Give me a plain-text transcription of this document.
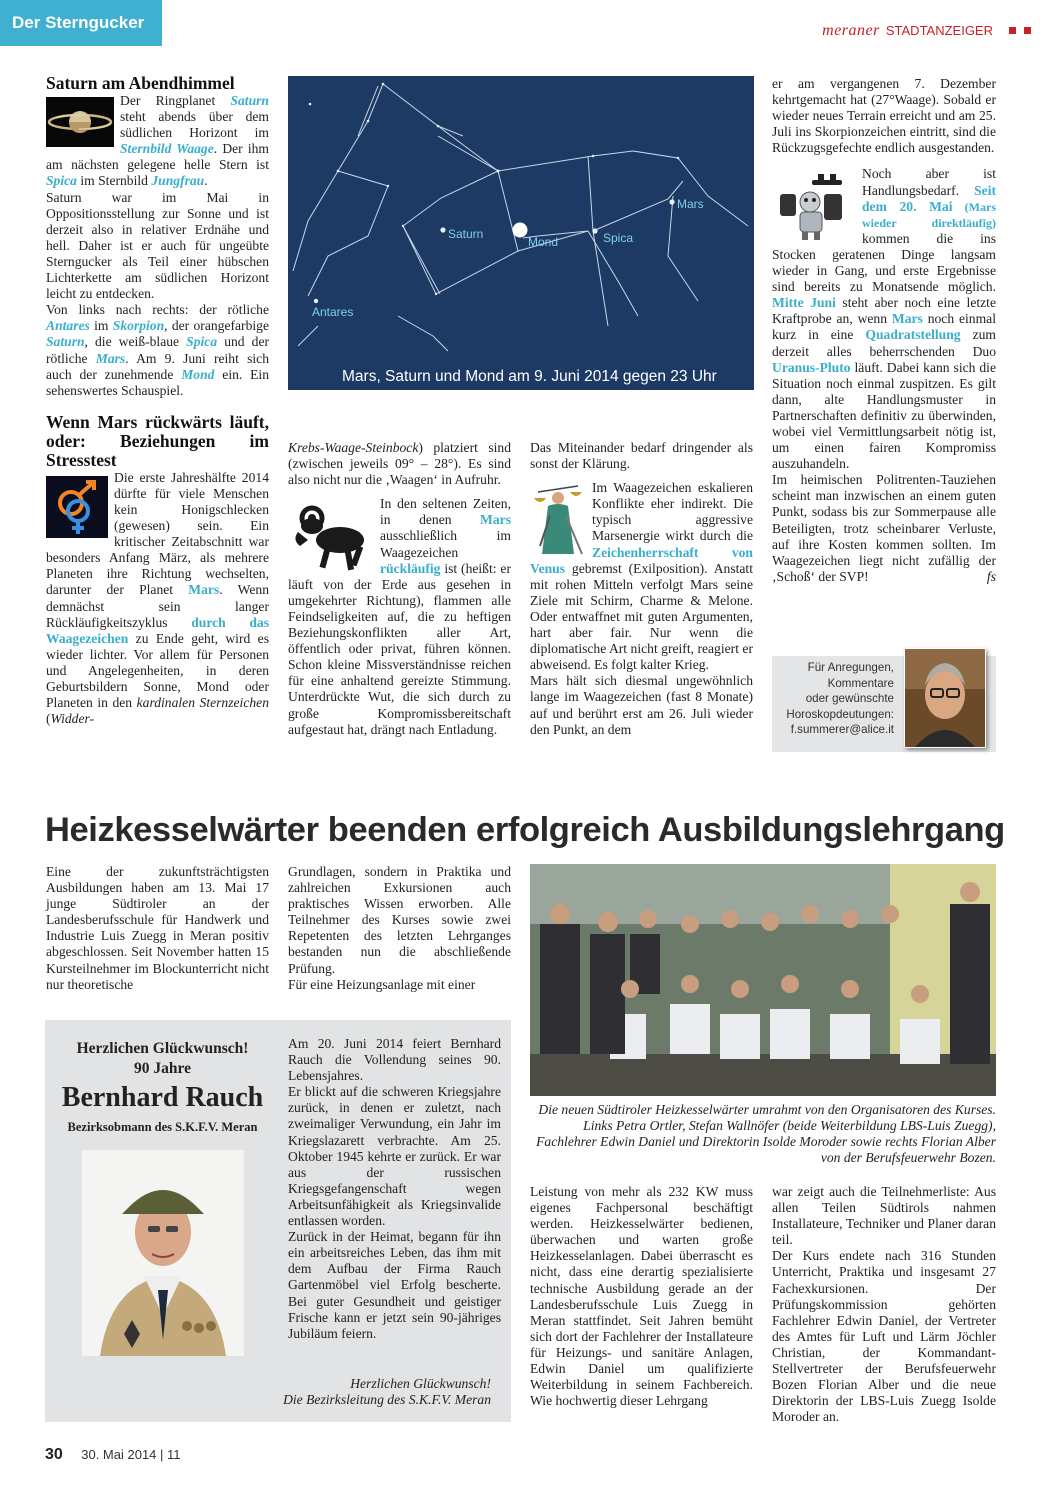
Der Sterngucker	meraner STADTANZEIGER
Saturn am Abendhimmel

Der Ringplanet Saturn steht abends über dem südlichen Horizont im Sternbild Waage. Der ihm am nächsten gelegene helle Stern ist Spica im Sternbild Jungfrau.

Saturn war im Mai in Oppositionsstellung zur Sonne und ist derzeit also in relativer Erdnähe und hell. Daher ist er auch für ungeübte Sterngucker als Teil einer hübschen Lichterkette am südlichen Horizont leicht zu entdecken.

Von links nach rechts: der rötliche Antares im Skorpion, der orangefarbige Saturn, die weiß-blaue Spica und der rötliche Mars. Am 9. Juni reiht sich auch der zunehmende Mond ein. Ein sehenswertes Schauspiel.

Wenn Mars rückwärts läuft, oder: Beziehungen im Stresstest

Die erste Jahreshälfte 2014 dürfte für viele Menschen kein Honigschlecken (gewesen) sein. Ein kritischer Zeitabschnitt war besonders Anfang März, als mehrere Planeten ihre Richtung wechselten, darunter der Planet Mars. Wenn demnächst sein langer Rückläufigkeitszyklus durch das Waagezeichen zu Ende geht, wird es wieder lichter. Vor allem für Personen und Angelegenheiten, in deren Geburtsbildern Sonne, Mond oder Planeten in den kardinalen Sternzeichen (Widder-

Saturn
Mond	Spica
Mars
Antares
Mars, Saturn und Mond am 9. Juni 2014 gegen 23 Uhr

Krebs-Waage-Steinbock) platziert sind (zwischen jeweils 09° – 28°). Es sind also nicht nur die ‚Waagen‘ in Aufruhr.

In den seltenen Zeiten, in denen Mars ausschließlich im Waagezeichen rückläufig ist (heißt: er läuft von der Erde aus gesehen in umgekehrter Richtung), flammen alle Feindseligkeiten auf, die zu heftigen Beziehungskonflikten aller Art, öffentlich oder privat, führen können. Schon kleine Missverständnisse reichen für eine anhaltend gereizte Stimmung. Unterdrückte Wut, die sich durch zu große Kompromissbereitschaft aufgestaut hat, drängt nach Entladung.

Das Miteinander bedarf dringender als sonst der Klärung.

Im Waagezeichen eskalieren Konflikte eher indirekt. Die typisch aggressive Marsenergie wirkt durch die Zeichenherrschaft von Venus gebremst (Exilposition). Anstatt mit rohen Mitteln verfolgt Mars seine Ziele mit Schirm, Charme & Melone. Oder entwaffnet mit guten Argumenten, hart aber fair. Nur wenn die diplomatische Art nicht greift, reagiert er abweisend. Es folgt kalter Krieg.

Mars hält sich diesmal ungewöhnlich lange im Waagezeichen (fast 8 Monate) auf und berührt erst am 26. Juli wieder den Punkt, an dem

er am vergangenen 7. Dezember kehrtgemacht hat (27°Waage). Sobald er wieder neues Terrain erreicht und am 25. Juli ins Skorpionzeichen eintritt, sind die Rückzugsgefechte endlich ausgestanden.

Noch aber ist Handlungsbedarf. Seit dem 20. Mai (Mars wieder direktläufig) kommen die ins Stocken geratenen Dinge langsam wieder in Gang, und erste Ergebnisse sind bereits zu Monatsende möglich. Mitte Juni steht aber noch eine letzte Kraftprobe an, wenn Mars noch einmal kurz in eine Quadratstellung zum derzeit alles beherrschenden Duo Uranus-Pluto läuft. Dabei kann sich die Situation noch einmal zuspitzen. Es gilt dann, alte Handlungsmuster in Partnerschaften definitiv zu überwinden, wobei viel Vermittlungsarbeit nötig ist, um einen fairen Kompromiss auszuhandeln.

Im heimischen Politrenten-Tauziehen scheint man inzwischen an einem guten Punkt, sodass bis zur Sommerpause alle Beteiligten, trotz scheinbarer Verluste, auf ihre Kosten kommen sollten. Im Waagezeichen liegt nicht zufällig der ‚Schoß‘ der SVP!	fs

Für Anregungen,
Kommentare
oder gewünschte
Horoskopdeutungen:
f.summerer@alice.it
Heizkesselwärter beenden erfolgreich Ausbildungslehrgang

Eine der zukunftsträchtigsten Ausbildungen haben am 13. Mai 17 junge Südtiroler an der Landesberufsschule für Handwerk und Industrie Luis Zuegg in Meran positiv abgeschlossen. Seit November hatten 15 Kursteilnehmer im Blockunterricht nicht nur theoretische

Grundlagen, sondern in Praktika und zahlreichen Exkursionen auch praktisches Wissen erworben. Alle Teilnehmer des Kurses sowie zwei Repetenten des letzten Lehrganges bestanden nun die abschließende Prüfung.

Für eine Heizungsanlage mit einer

Die neuen Südtiroler Heizkesselwärter umrahmt von den Organisatoren des Kurses. Links Petra Ortler, Stefan Wallnöfer (beide Weiterbildung LBS-Luis Zuegg), Fachlehrer Edwin Daniel und Direktorin Isolde Moroder sowie rechts Florian Alber von der Berufsfeuerwehr Bozen.

Leistung von mehr als 232 KW muss eigenes Fachpersonal beschäftigt werden. Heizkesselwärter bedienen, überwachen und warten große Heizkesselanlagen. Dabei überrascht es nicht, dass eine derartig spezialisierte technische Ausbildung gerade an der Landesberufsschule Luis Zuegg in Meran stattfindet. Seit Jahren bemüht sich dort der Fachlehrer der Installateure für Heizungs- und sanitäre Anlagen, Edwin Daniel um qualifizierte Weiterbildung in seinem Fachbereich. Wie hochwertig dieser Lehrgang

war zeigt auch die Teilnehmerliste: Aus allen Teilen Südtirols nahmen Installateure, Techniker und Planer daran teil.

Der Kurs endete nach 316 Stunden Unterricht, Praktika und insgesamt 27 Fachexkursionen. Der Prüfungskommission gehörten Fachlehrer Edwin Daniel, der Vertreter des Amtes für Luft und Lärm Jöchler Christian, der Kommandant-Stellvertreter der Berufsfeuerwehr Bozen Florian Alber und die neue Direktorin der LBS-Luis Zuegg Isolde Moroder an.

Herzlichen Glückwunsch!
90 Jahre
Bernhard Rauch
Bezirksobmann des S.K.F.V. Meran

Am 20. Juni 2014 feiert Bernhard Rauch die Vollendung seines 90. Lebensjahres.

Er blickt auf die schweren Kriegsjahre zurück, in denen er zuletzt, nach zweimaliger Verwundung, ein Jahr im Kriegslazarett verbrachte. Am 25. Oktober 1945 kehrte er zurück. Er war aus der russischen Kriegsgefangenschaft wegen Arbeitsunfähigkeit als Kriegsinvalide entlassen worden.

Zurück in der Heimat, begann für ihn ein arbeitsreiches Leben, das ihm mit dem Aufbau der Firma Rauch Gartenmöbel viel Erfolg bescherte. Bei guter Gesundheit und geistiger Frische kann er jetzt sein 90-jähriges Jubiläum feiern.

Herzlichen Glückwunsch!
Die Bezirksleitung des S.K.F.V. Meran
30 30. Mai 2014 | 11
